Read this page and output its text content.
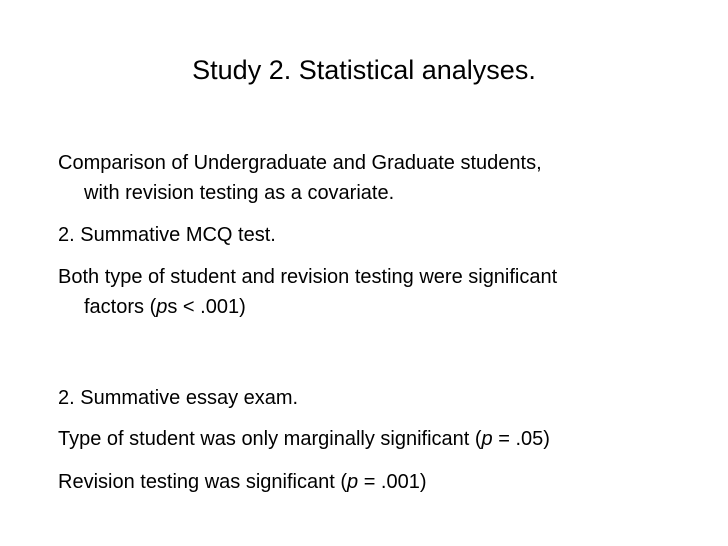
Study 2. Statistical analyses.
Comparison of Undergraduate and Graduate students,
with revision testing as a covariate.
2. Summative MCQ test.
Both type of student and revision testing were significant
factors (ps < .001)
2. Summative essay exam.
Type of student was only marginally significant (p = .05)
Revision testing was significant (p = .001)
